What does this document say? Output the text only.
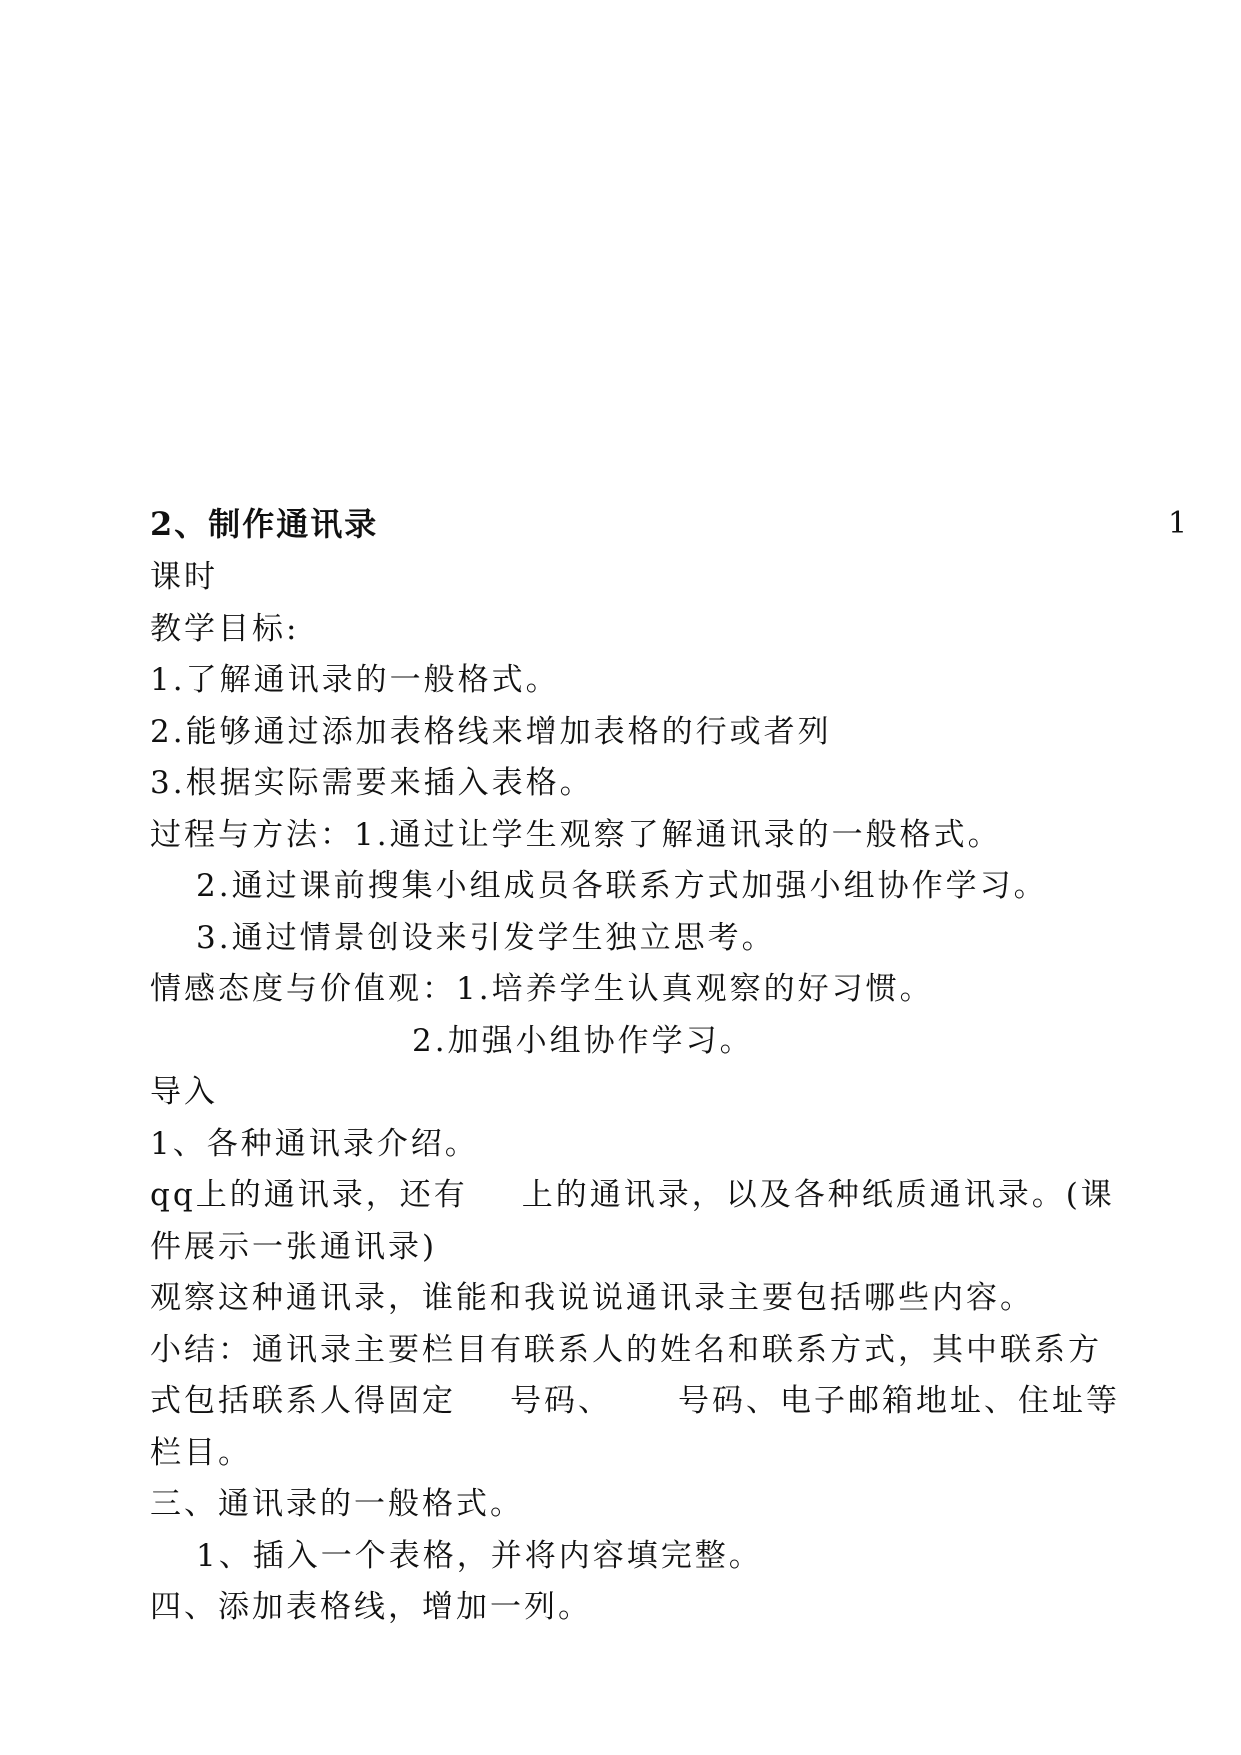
2、制作通讯录	1
课时
教学目标:
1.了解通讯录的一般格式。
2.能够通过添加表格线来增加表格的行或者列
3.根据实际需要来插入表格。
过程与方法：1.通过让学生观察了解通讯录的一般格式。
2.通过课前搜集小组成员各联系方式加强小组协作学习。
3.通过情景创设来引发学生独立思考。
情感态度与价值观：1.培养学生认真观察的好习惯。
2.加强小组协作学习。
导入
1、各种通讯录介绍。
qq上的通讯录，还有 上的通讯录，以及各种纸质通讯录。(课
件展示一张通讯录)
观察这种通讯录，谁能和我说说通讯录主要包括哪些内容。
小结：通讯录主要栏目有联系人的姓名和联系方式，其中联系方
式包括联系人得固定 号码、 号码、电子邮箱地址、住址等
栏目。
三、通讯录的一般格式。
1、插入一个表格，并将内容填完整。
四、添加表格线，增加一列。
